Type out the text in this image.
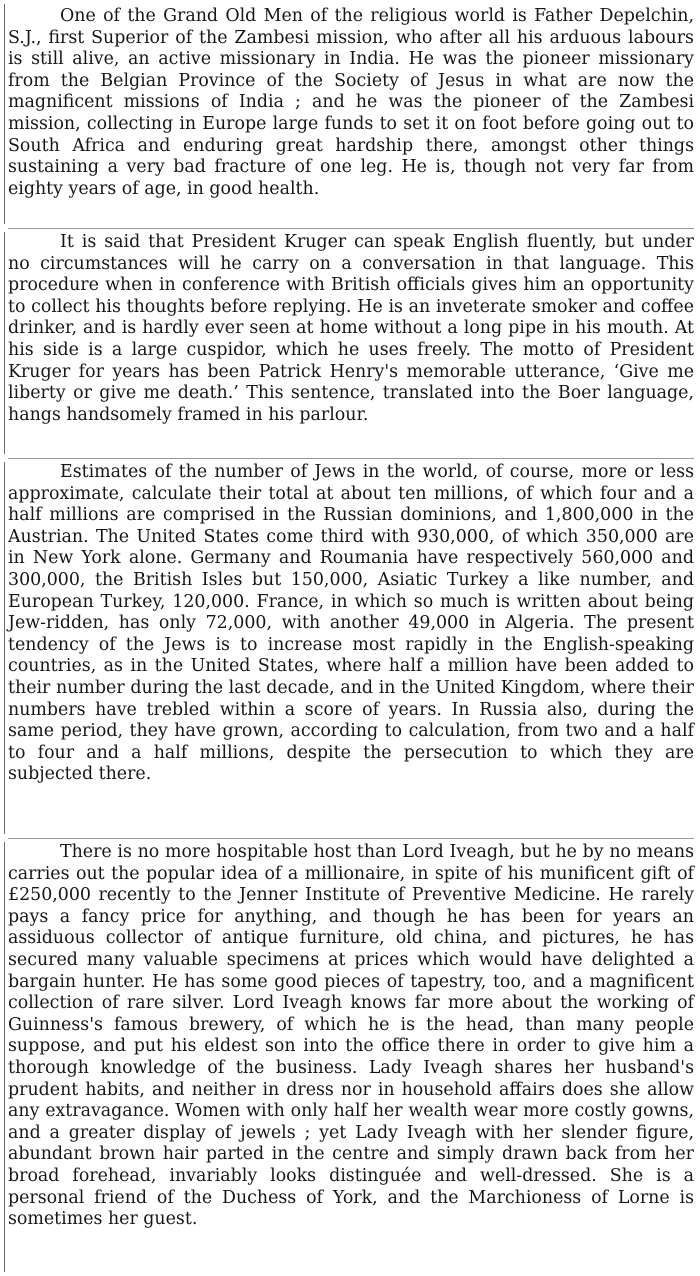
One of the Grand Old Men of the religious world is Father Depelchin, S.J., first Superior of the Zambesi mission, who after all his arduous labours is still alive, an active missionary in India. He was the pioneer missionary from the Belgian Province of the Society of Jesus in what are now the magnificent missions of India ; and he was the pioneer of the Zambesi mission, collecting in Europe large funds to set it on foot before going out to South Africa and enduring great hardship there, amongst other things sustaining a very bad fracture of one leg. He is, though not very far from eighty years of age, in good health.

It is said that President Kruger can speak English fluently, but under no circumstances will he carry on a conversation in that language. This procedure when in conference with British officials gives him an opportunity to collect his thoughts before replying. He is an inveterate smoker and coffee drinker, and is hardly ever seen at home without a long pipe in his mouth. At his side is a large cuspidor, which he uses freely. The motto of President Kruger for years has been Patrick Henry's memorable utterance, ‘Give me liberty or give me death.’ This sentence, translated into the Boer language, hangs handsomely framed in his parlour.

Estimates of the number of Jews in the world, of course, more or less approximate, calculate their total at about ten millions, of which four and a half millions are comprised in the Russian dominions, and 1,800,000 in the Austrian. The United States come third with 930,000, of which 350,000 are in New York alone. Germany and Roumania have respectively 560,000 and 300,000, the British Isles but 150,000, Asiatic Turkey a like number, and European Turkey, 120,000. France, in which so much is written about being Jew-ridden, has only 72,000, with another 49,000 in Algeria. The present tendency of the Jews is to increase most rapidly in the English-speaking countries, as in the United States, where half a million have been added to their number during the last decade, and in the United Kingdom, where their numbers have trebled within a score of years. In Russia also, during the same period, they have grown, according to calculation, from two and a half to four and a half millions, despite the persecution to which they are subjected there.

There is no more hospitable host than Lord Iveagh, but he by no means carries out the popular idea of a millionaire, in spite of his munificent gift of £250,000 recently to the Jenner Institute of Preventive Medicine. He rarely pays a fancy price for anything, and though he has been for years an assiduous collector of antique furniture, old china, and pictures, he has secured many valuable specimens at prices which would have delighted a bargain hunter. He has some good pieces of tapestry, too, and a magnificent collection of rare silver. Lord Iveagh knows far more about the working of Guinness's famous brewery, of which he is the head, than many people suppose, and put his eldest son into the office there in order to give him a thorough knowledge of the business. Lady Iveagh shares her husband's prudent habits, and neither in dress nor in household affairs does she allow any extravagance. Women with only half her wealth wear more costly gowns, and a greater display of jewels ; yet Lady Iveagh with her slender figure, abundant brown hair parted in the centre and simply drawn back from her broad forehead, invariably looks distinguée and well-dressed. She is a personal friend of the Duchess of York, and the Marchioness of Lorne is sometimes her guest.
